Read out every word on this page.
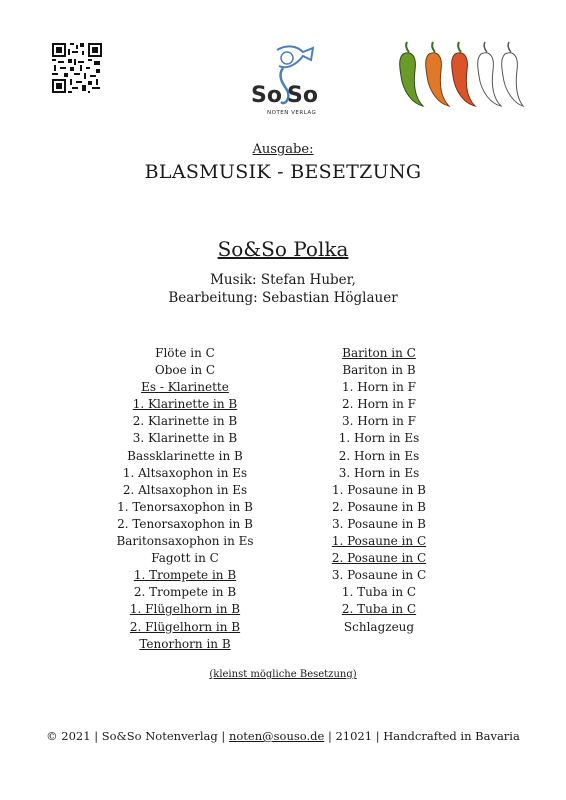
So So
NOTEN VERLAG
Ausgabe:
BLASMUSIK - BESETZUNG
So&So Polka
Musik: Stefan Huber,
Bearbeitung: Sebastian Höglauer
Flöte in C
Oboe in C
Es - Klarinette
1. Klarinette in B
2. Klarinette in B
3. Klarinette in B
Bassklarinette in B
1. Altsaxophon in Es
2. Altsaxophon in Es
1. Tenorsaxophon in B
2. Tenorsaxophon in B
Baritonsaxophon in Es
Fagott in C
1. Trompete in B
2. Trompete in B
1. Flügelhorn in B
2. Flügelhorn in B
Tenorhorn in B
Bariton in C
Bariton in B
1. Horn in F
2. Horn in F
3. Horn in F
1. Horn in Es
2. Horn in Es
3. Horn in Es
1. Posaune in B
2. Posaune in B
3. Posaune in B
1. Posaune in C
2. Posaune in C
3. Posaune in C
1. Tuba in C
2. Tuba in C
Schlagzeug
(kleinst mögliche Besetzung)
© 2021 | So&So Notenverlag | noten@souso.de | 21021 | Handcrafted in Bavaria
